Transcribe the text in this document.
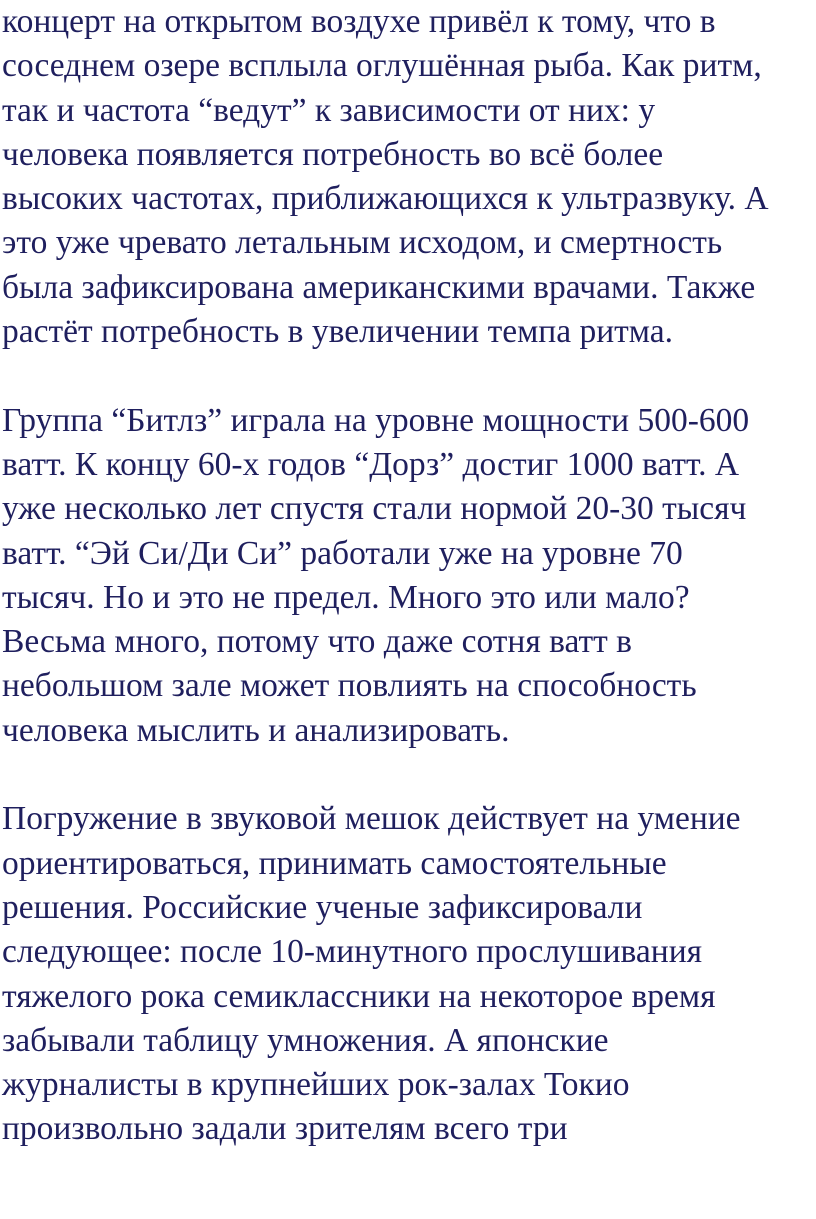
концерт на открытом воздухе привёл к тому, что в
соседнем озере всплыла оглушённая рыба. Как ритм,
так и частота “ведут” к зависимости от них: у
человека появляется потребность во всё более
высоких частотах, приближающихся к ультразвуку. А
это уже чревато летальным исходом, и смертность
была зафиксирована американскими врачами. Также
растёт потребность в увеличении темпа ритма.

Группа “Битлз” играла на уровне мощности 500-600
ватт. К концу 60-х годов “Дорз” достиг 1000 ватт. А
уже несколько лет спустя стали нормой 20-30 тысяч
ватт. “Эй Си/Ди Си” работали уже на уровне 70
тысяч. Но и это не предел. Много это или мало?
Весьма много, потому что даже сотня ватт в
небольшом зале может повлиять на способность
человека мыслить и анализировать.

Погружение в звуковой мешок действует на умение
ориентироваться, принимать самостоятельные
решения. Российские ученые зафиксировали
следующее: после 10-минутного прослушивания
тяжелого рока семиклассники на некоторое время
забывали таблицу умножения. А японские
журналисты в крупнейших рок-залах Токио
произвольно задали зрителям всего три
